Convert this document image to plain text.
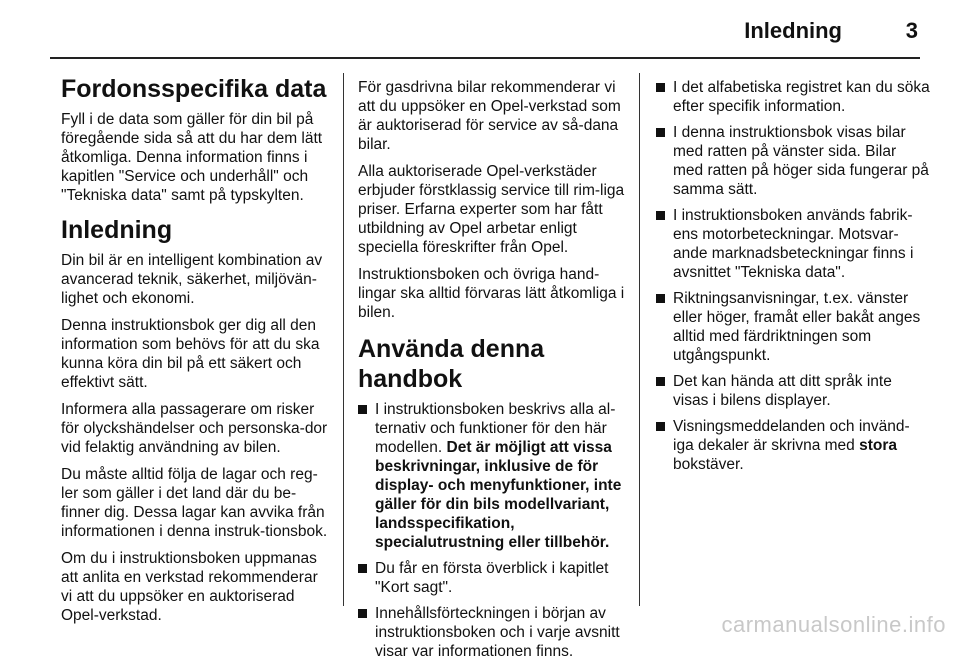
Inledning	3
Fordonsspecifika data

Fyll i de data som gäller för din bil på föregående sida så att du har dem lätt åtkomliga. Denna information finns i kapitlen "Service och underhåll" och "Tekniska data" samt på typskylten.

Inledning

Din bil är en intelligent kombination av avancerad teknik, säkerhet, miljövän-lighet och ekonomi.

Denna instruktionsbok ger dig all den information som behövs för att du ska kunna köra din bil på ett säkert och effektivt sätt.

Informera alla passagerare om risker för olyckshändelser och personska-dor vid felaktig användning av bilen.

Du måste alltid följa de lagar och reg-ler som gäller i det land där du be-finner dig. Dessa lagar kan avvika från informationen i denna instruk-tionsbok.

Om du i instruktionsboken uppmanas att anlita en verkstad rekommenderar vi att du uppsöker en auktoriserad Opel-verkstad.

För gasdrivna bilar rekommenderar vi att du uppsöker en Opel-verkstad som är auktoriserad för service av så-dana bilar.

Alla auktoriserade Opel-verkstäder erbjuder förstklassig service till rim-liga priser. Erfarna experter som har fått utbildning av Opel arbetar enligt speciella föreskrifter från Opel.

Instruktionsboken och övriga hand-lingar ska alltid förvaras lätt åtkomliga i bilen.

Använda denna handbok
I instruktionsboken beskrivs alla al-ternativ och funktioner för den här modellen. Det är möjligt att vissa beskrivningar, inklusive de för display- och menyfunktioner, inte gäller för din bils modellvariant, landsspecifikation, specialutrustning eller tillbehör.
Du får en första överblick i kapitlet "Kort sagt".
Innehållsförteckningen i början av instruktionsboken och i varje avsnitt visar var informationen finns.
I det alfabetiska registret kan du söka efter specifik information.
I denna instruktionsbok visas bilar med ratten på vänster sida. Bilar med ratten på höger sida fungerar på samma sätt.
I instruktionsboken används fabrik-ens motorbeteckningar. Motsvar-ande marknadsbeteckningar finns i avsnittet "Tekniska data".
Riktningsanvisningar, t.ex. vänster eller höger, framåt eller bakåt anges alltid med färdriktningen som utgångspunkt.
Det kan hända att ditt språk inte visas i bilens displayer.
Visningsmeddelanden och invänd-iga dekaler är skrivna med stora bokstäver.
carmanualsonline.info
